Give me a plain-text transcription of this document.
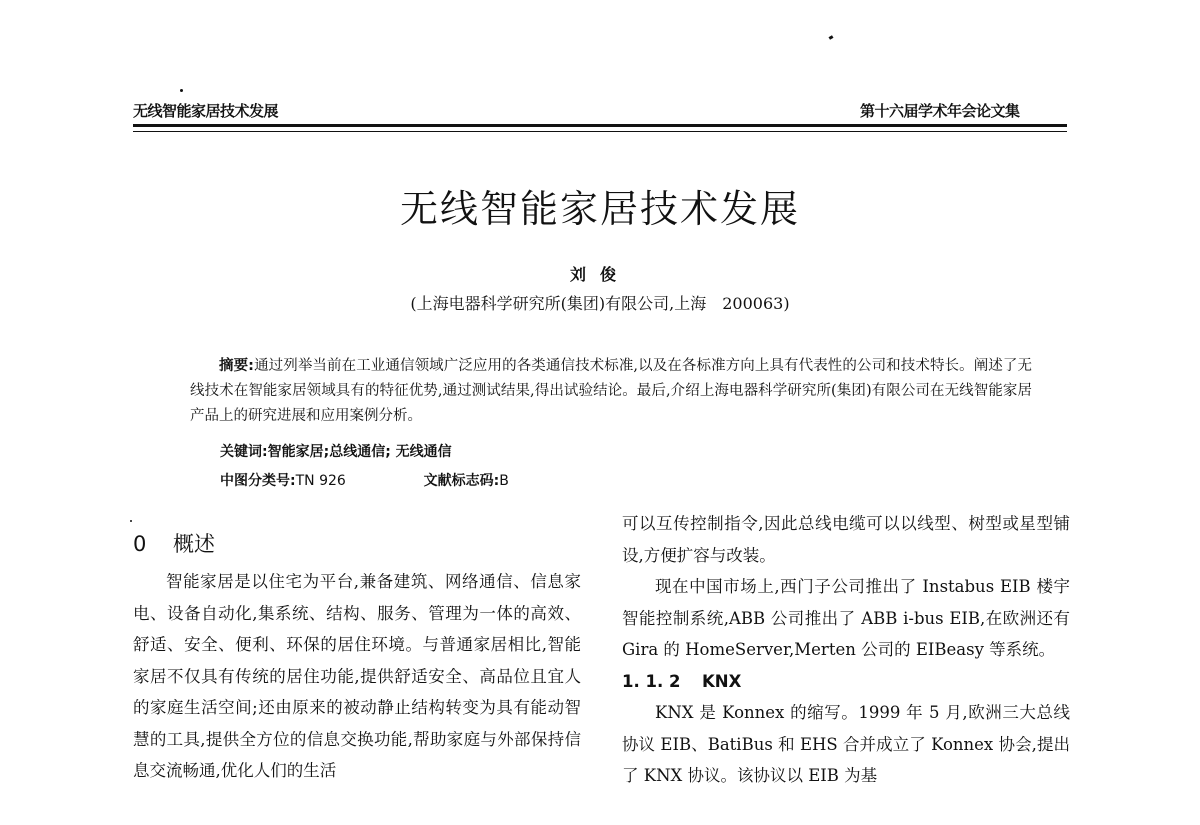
无线智能家居技术发展	第十六届学术年会论文集
无线智能家居技术发展
刘俊
(上海电器科学研究所(集团)有限公司,上海　200063)
摘要:通过列举当前在工业通信领域广泛应用的各类通信技术标准,以及在各标准方向上具有代表性的公司和技术特长。阐述了无线技术在智能家居领域具有的特征优势,通过测试结果,得出试验结论。最后,介绍上海电器科学研究所(集团)有限公司在无线智能家居产品上的研究进展和应用案例分析。
关键词:智能家居;总线通信; 无线通信
中图分类号:TN 926	文献标志码:B
0 概述

智能家居是以住宅为平台,兼备建筑、网络通信、信息家电、设备自动化,集系统、结构、服务、管理为一体的高效、舒适、安全、便利、环保的居住环境。与普通家居相比,智能家居不仅具有传统的居住功能,提供舒适安全、高品位且宜人的家庭生活空间;还由原来的被动静止结构转变为具有能动智慧的工具,提供全方位的信息交换功能,帮助家庭与外部保持信息交流畅通,优化人们的生活

可以互传控制指令,因此总线电缆可以以线型、树型或星型铺设,方便扩容与改装。

现在中国市场上,西门子公司推出了 Instabus EIB 楼宇智能控制系统,ABB 公司推出了 ABB i-bus EIB,在欧洲还有 Gira 的 HomeServer,Merten 公司的 EIBeasy 等系统。

1. 1. 2 KNX

KNX 是 Konnex 的缩写。1999 年 5 月,欧洲三大总线协议 EIB、BatiBus 和 EHS 合并成立了 Konnex 协会,提出了 KNX 协议。该协议以 EIB 为基
